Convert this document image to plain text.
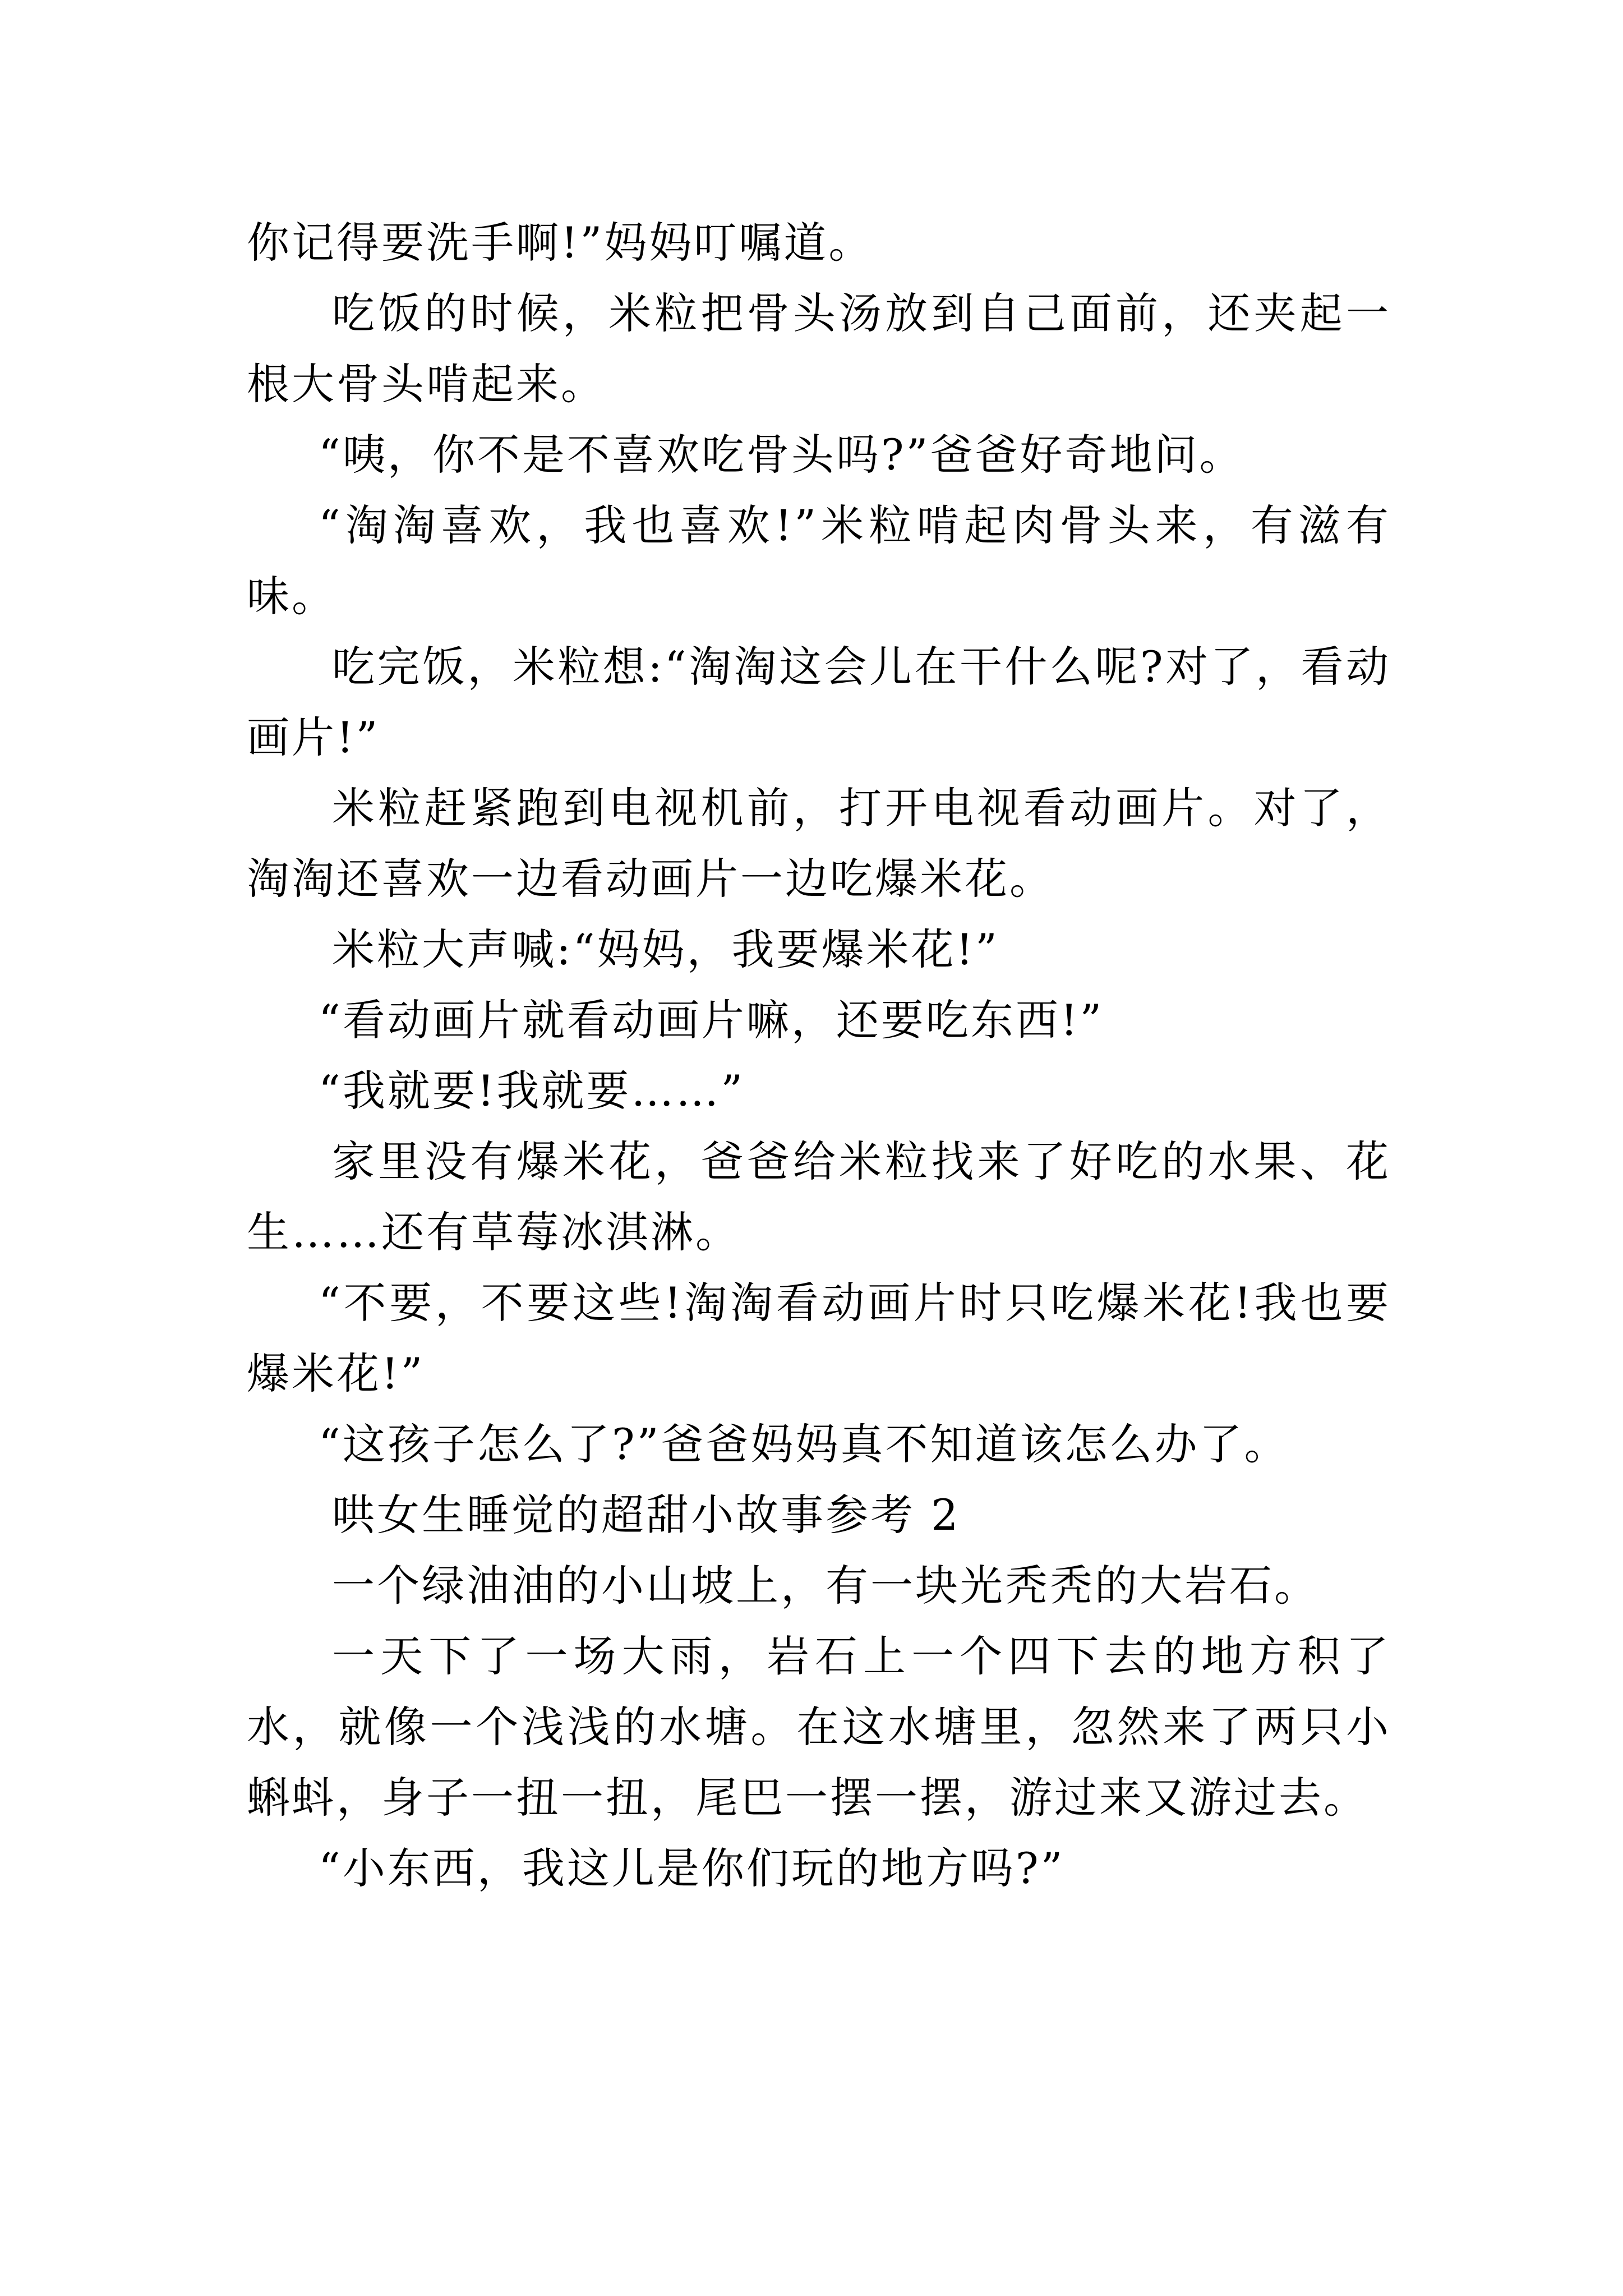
你记得要洗手啊!”妈妈叮嘱道。

吃饭的时候，米粒把骨头汤放到自己面前，还夹起一根大骨头啃起来。

“咦，你不是不喜欢吃骨头吗?”爸爸好奇地问。

“淘淘喜欢，我也喜欢!”米粒啃起肉骨头来，有滋有味。

吃完饭，米粒想:“淘淘这会儿在干什么呢?对了，看动画片!”

米粒赶紧跑到电视机前，打开电视看动画片。对了，淘淘还喜欢一边看动画片一边吃爆米花。

米粒大声喊:“妈妈，我要爆米花!”

“看动画片就看动画片嘛，还要吃东西!”

“我就要!我就要……”

家里没有爆米花，爸爸给米粒找来了好吃的水果、花生……还有草莓冰淇淋。

“不要，不要这些!淘淘看动画片时只吃爆米花!我也要爆米花!”

“这孩子怎么了?”爸爸妈妈真不知道该怎么办了。

哄女生睡觉的超甜小故事参考 2

一个绿油油的小山坡上，有一块光秃秃的大岩石。

一天下了一场大雨，岩石上一个四下去的地方积了水，就像一个浅浅的水塘。在这水塘里，忽然来了两只小蝌蚪，身子一扭一扭，尾巴一摆一摆，游过来又游过去。

“小东西，我这儿是你们玩的地方吗?”
